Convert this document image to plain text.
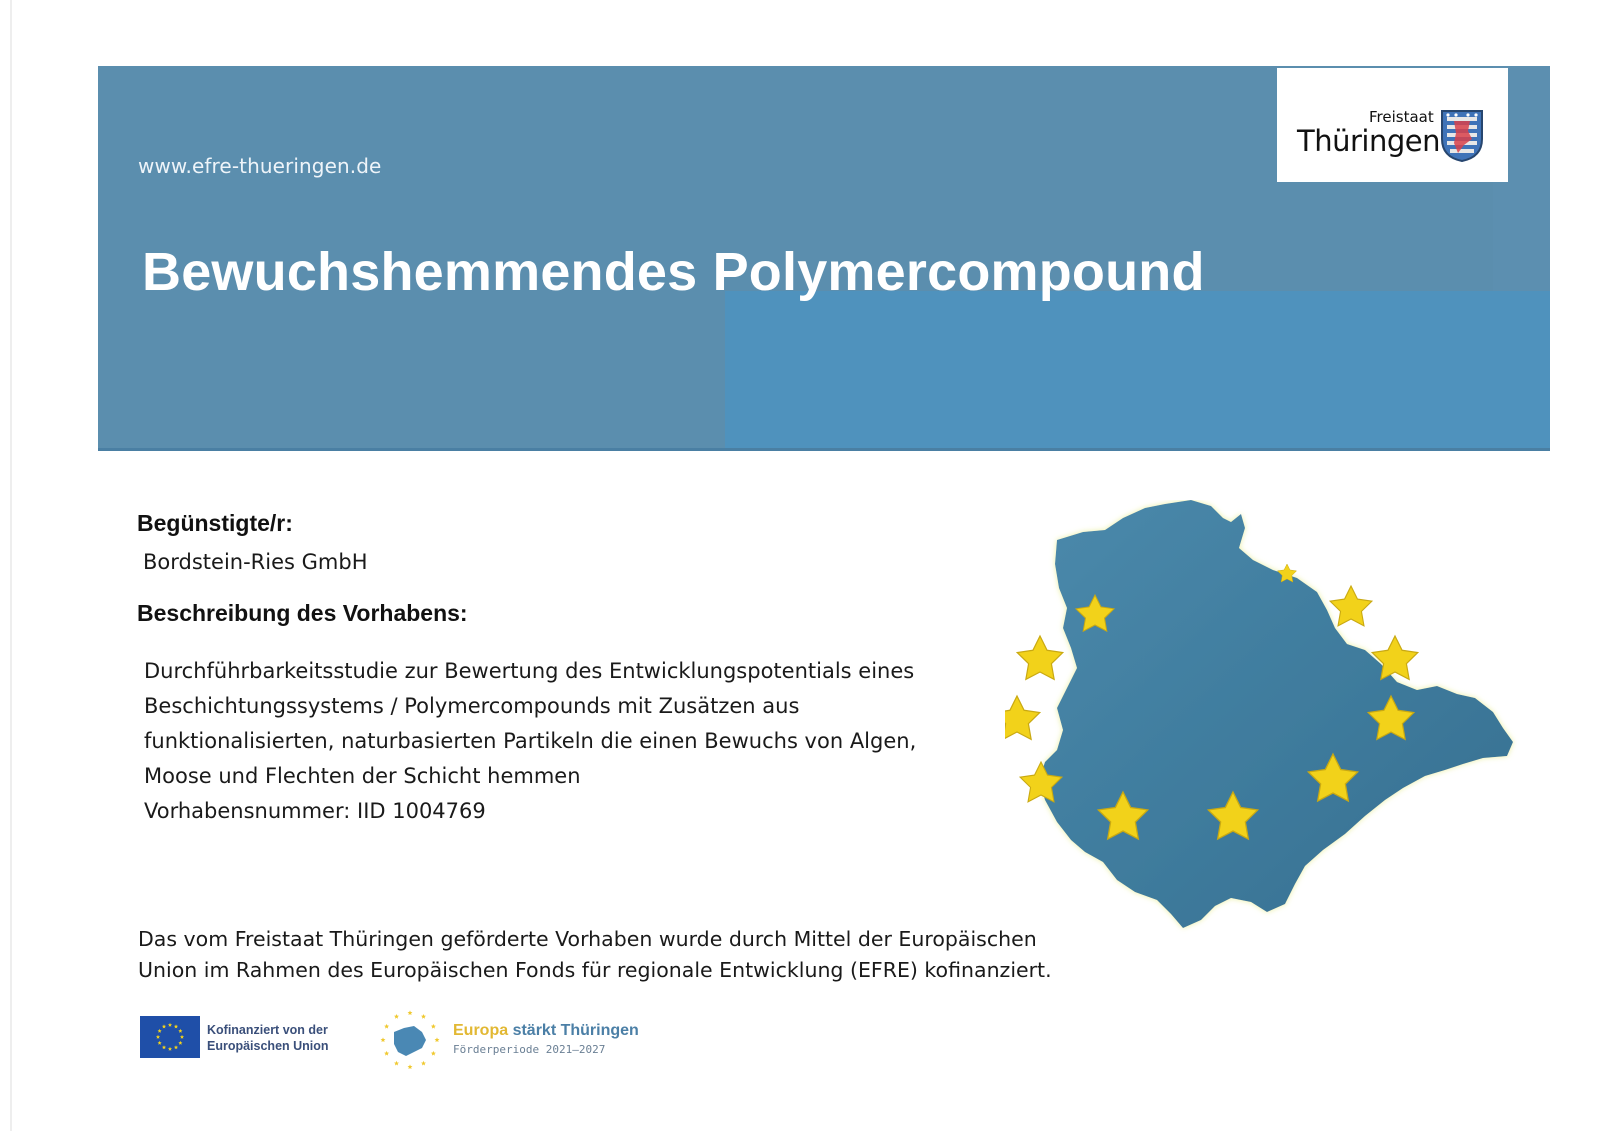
www.efre-thueringen.de
Bewuchshemmendes Polymercompound
Freistaat
Thüringen
Begünstigte/r:
Bordstein-Ries GmbH
Beschreibung des Vorhabens:
Durchführbarkeitsstudie zur Bewertung des Entwicklungspotentials eines
Beschichtungssystems / Polymercompounds mit Zusätzen aus
funktionalisierten, naturbasierten Partikeln die einen Bewuchs von Algen,
Moose und Flechten der Schicht hemmen
Vorhabensnummer: IID 1004769
Das vom Freistaat Thüringen geförderte Vorhaben wurde durch Mittel der Europäischen
Union im Rahmen des Europäischen Fonds für regionale Entwicklung (EFRE) kofinanziert.
Kofinanziert von der
Europäischen Union
Europa stärkt Thüringen
Förderperiode 2021–2027
